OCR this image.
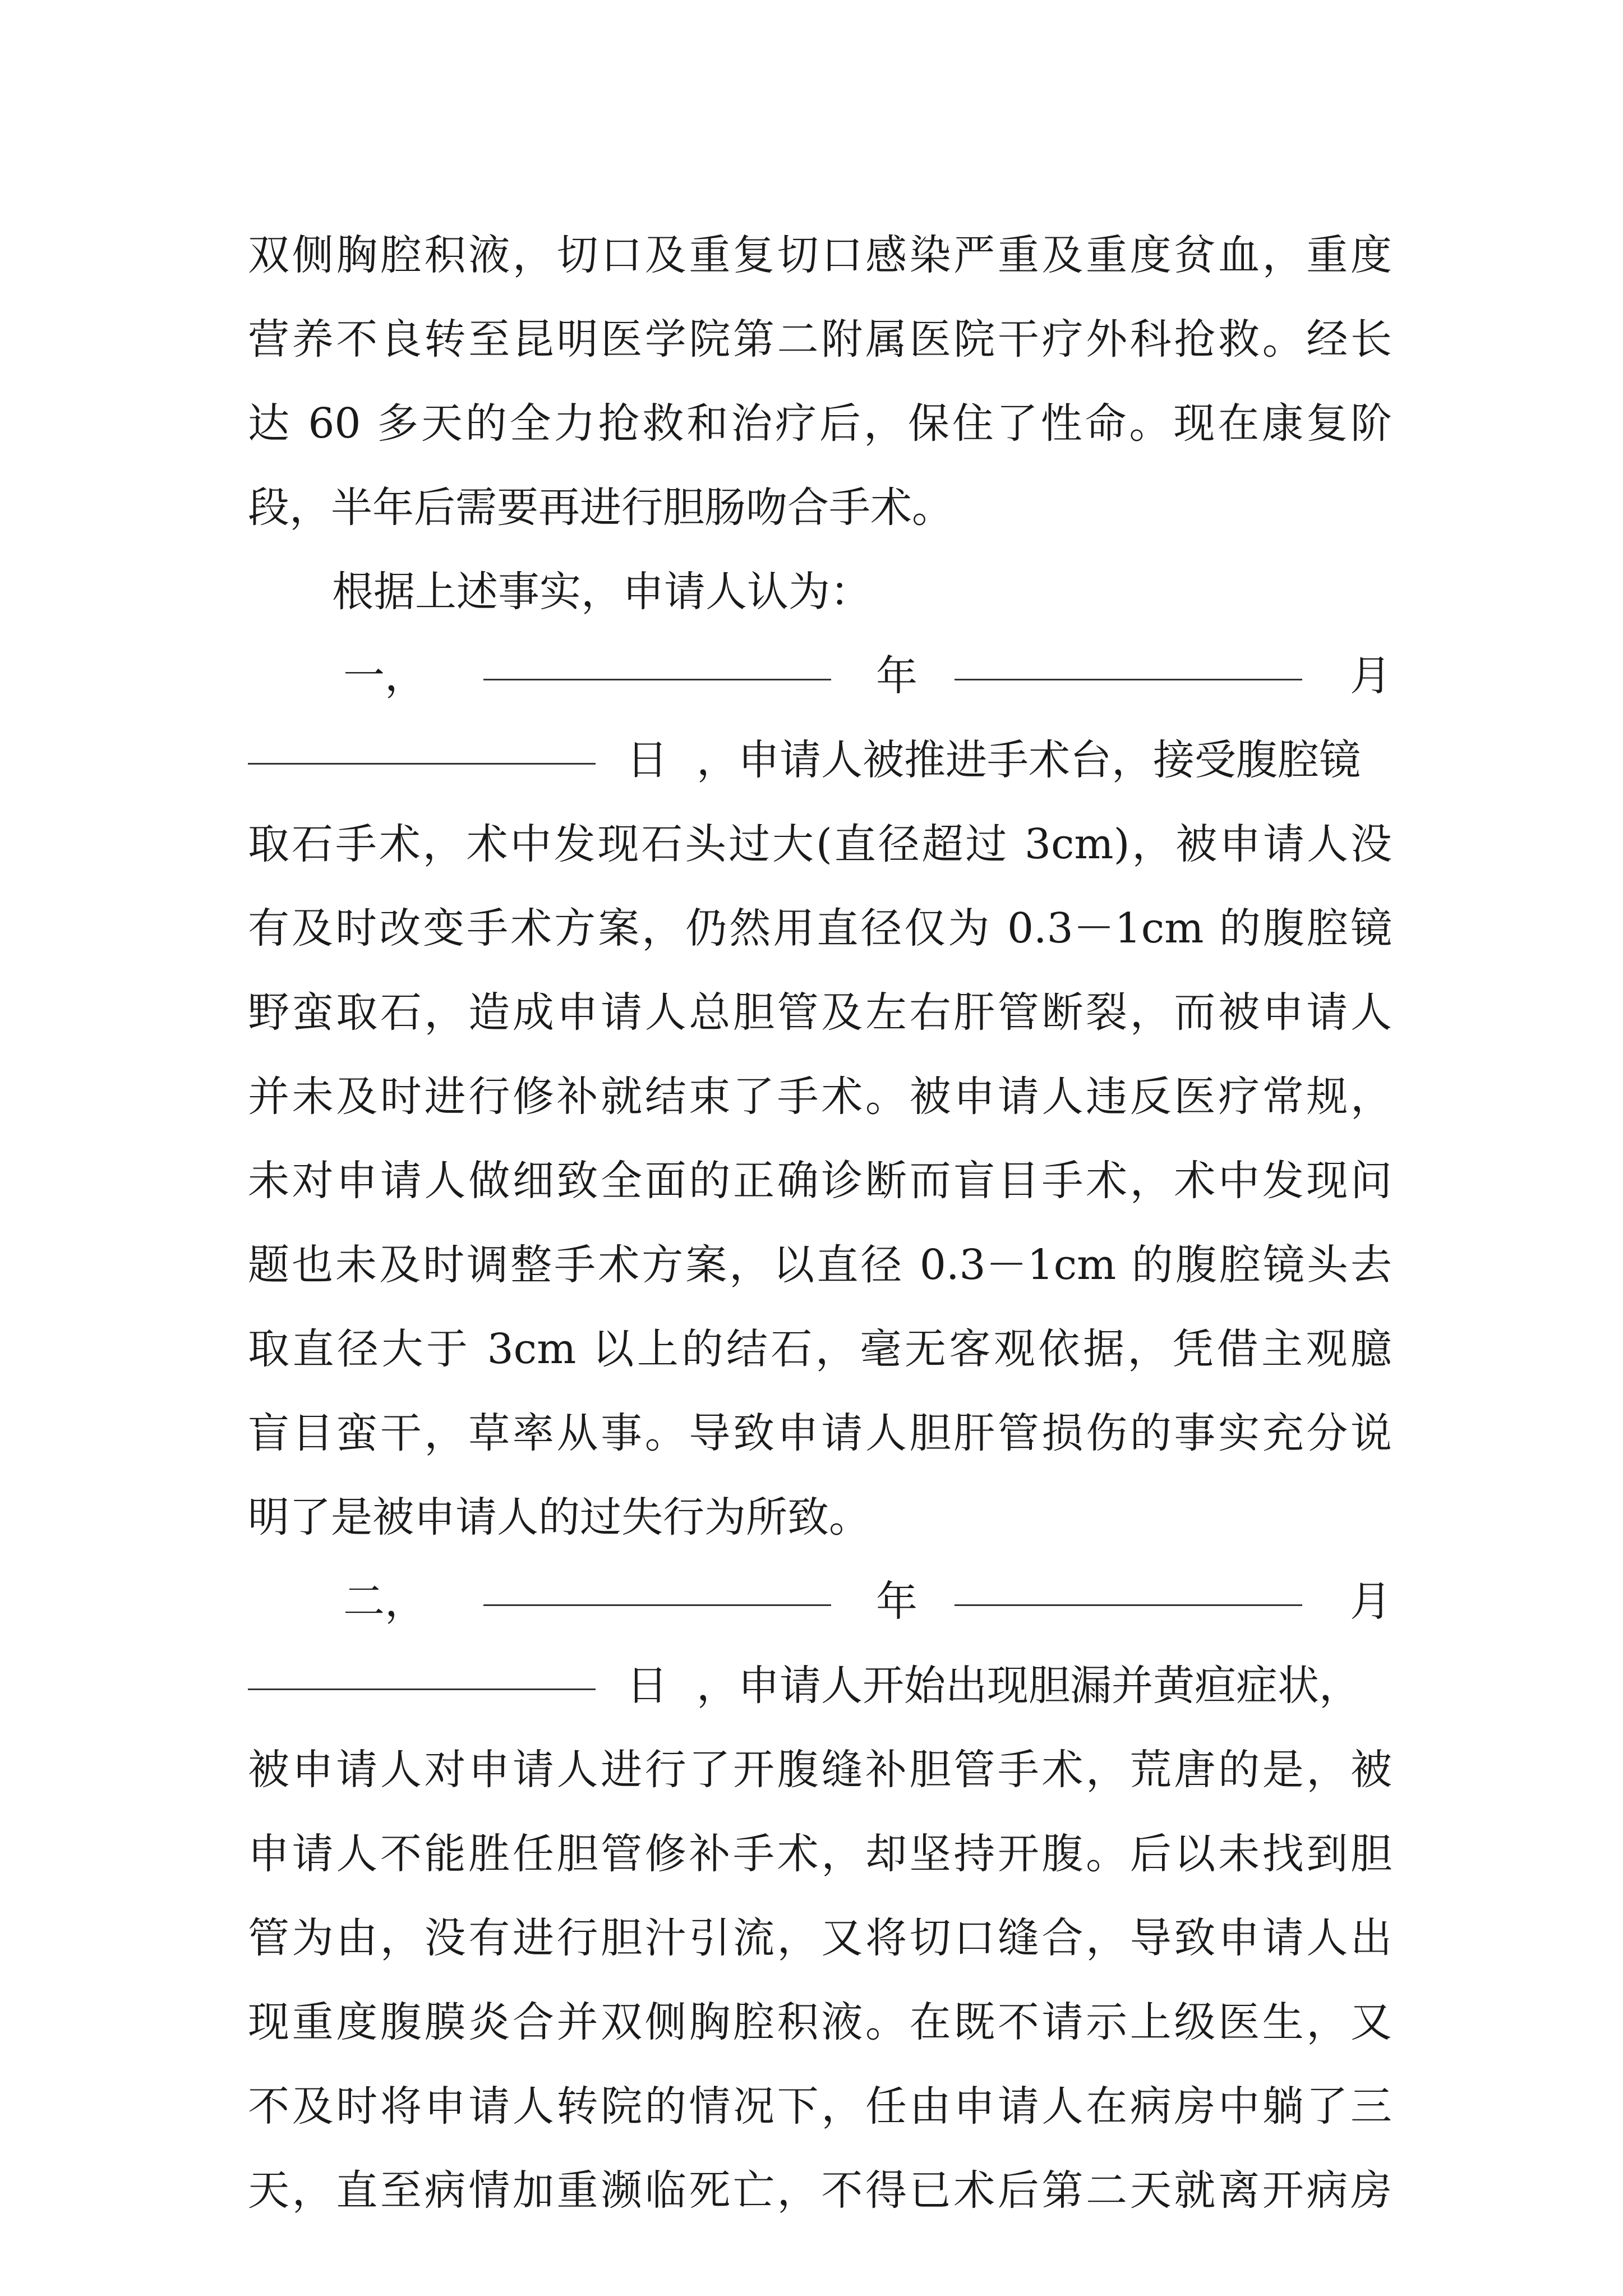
双侧胸腔积液，切口及重复切口感染严重及重度贫血，重度
营养不良转至昆明医学院第二附属医院干疗外科抢救。经长
达 60 多天的全力抢救和治疗后，保住了性命。现在康复阶
段，半年后需要再进行胆肠吻合手术。
根据上述事实，申请人认为：
一，	年	月
日 ，申请人被推进手术台，接受腹腔镜
取石手术，术中发现石头过大(直径超过 3cm)，被申请人没
有及时改变手术方案，仍然用直径仅为 0.3－1cm 的腹腔镜
野蛮取石，造成申请人总胆管及左右肝管断裂，而被申请人
并未及时进行修补就结束了手术。被申请人违反医疗常规，
未对申请人做细致全面的正确诊断而盲目手术，术中发现问
题也未及时调整手术方案，以直径 0.3－1cm 的腹腔镜头去
取直径大于 3cm 以上的结石，毫无客观依据，凭借主观臆
盲目蛮干，草率从事。导致申请人胆肝管损伤的事实充分说
明了是被申请人的过失行为所致。
二，	年	月
日 ，申请人开始出现胆漏并黄疸症状，
被申请人对申请人进行了开腹缝补胆管手术，荒唐的是，被
申请人不能胜任胆管修补手术，却坚持开腹。后以未找到胆
管为由，没有进行胆汁引流，又将切口缝合，导致申请人出
现重度腹膜炎合并双侧胸腔积液。在既不请示上级医生，又
不及时将申请人转院的情况下，任由申请人在病房中躺了三
天，直至病情加重濒临死亡，不得已术后第二天就离开病房
